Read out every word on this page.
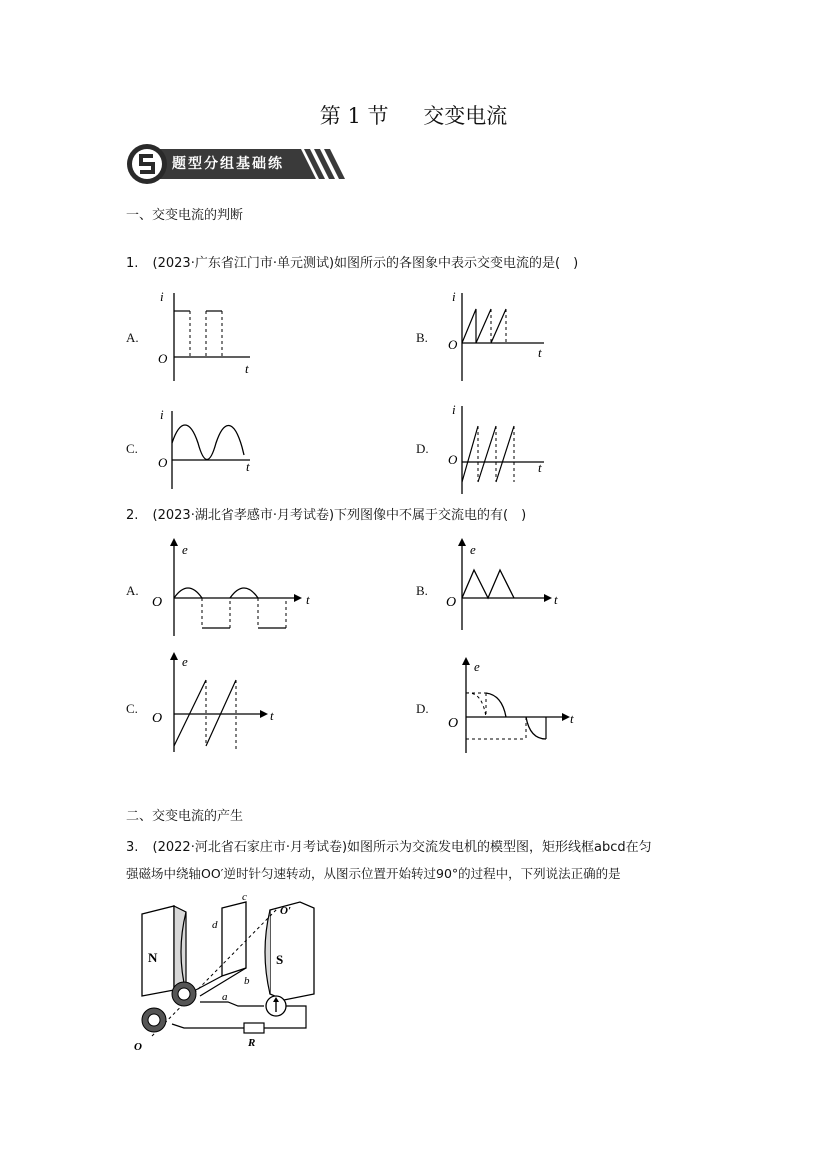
第 1 节 交变电流
题型分组基础练
一、交变电流的判断
1. (2023·广东省江门市·单元测试)如图所示的各图象中表示交变电流的是(　)
A.
i
t
O
B.
i
t
O
C.
i
t
O
D.
i
t
O
2. (2023·湖北省孝感市·月考试卷)下列图像中不属于交流电的有(　)
A.
e
t
O
B.
e
t
O
C.
e
t
O
D.
e
t
O
二、交变电流的产生
3. (2022·河北省石家庄市·月考试卷)如图所示为交流发电机的模型图，矩形线框abcd在匀
强磁场中绕轴OO′逆时针匀速转动，从图示位置开始转过90°的过程中，下列说法正确的是
N	S
c
d
b
a
O′
O	R
